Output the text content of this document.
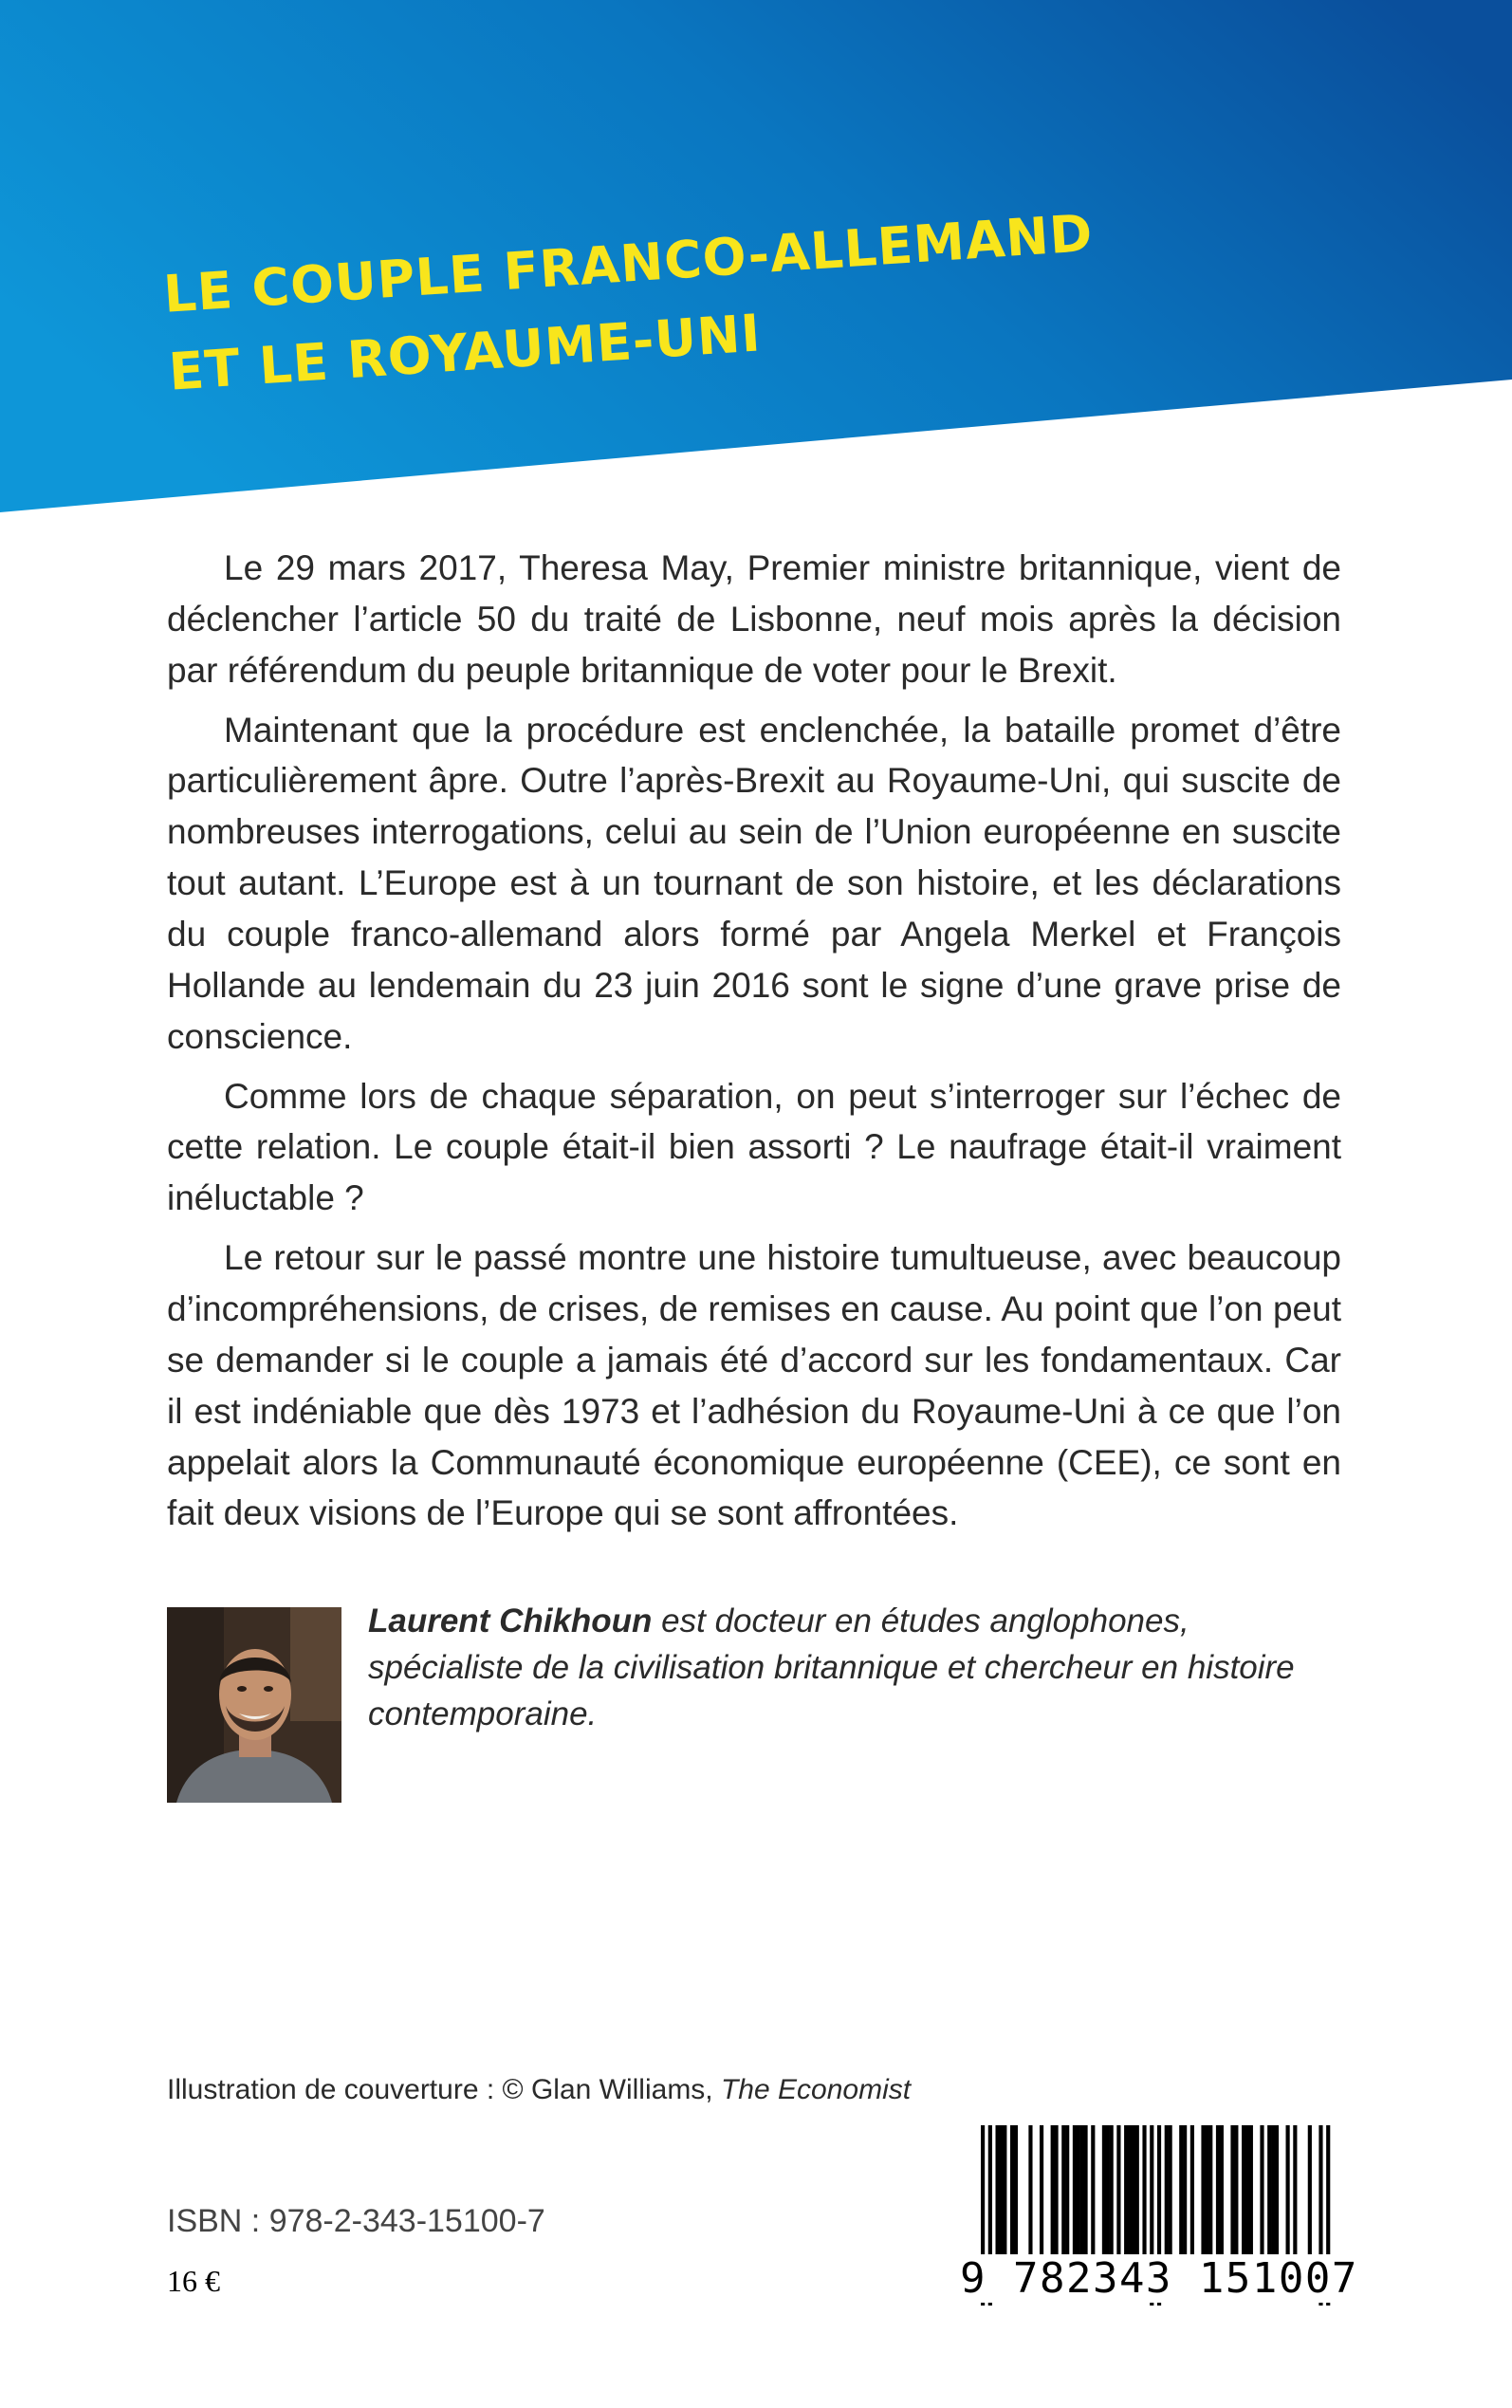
LE COUPLE FRANCO-ALLEMAND
ET LE ROYAUME-UNI

Le 29 mars 2017, Theresa May, Premier ministre britannique, vient de déclencher l’article 50 du traité de Lisbonne, neuf mois après la décision par référendum du peuple britannique de voter pour le Brexit.

Maintenant que la procédure est enclenchée, la bataille promet d’être particulièrement âpre. Outre l’après-Brexit au Royaume-Uni, qui suscite de nombreuses interrogations, celui au sein de l’Union européenne en suscite tout autant. L’Europe est à un tournant de son histoire, et les déclarations du couple franco-allemand alors formé par Angela Merkel et François Hollande au lendemain du 23 juin 2016 sont le signe d’une grave prise de conscience.

Comme lors de chaque séparation, on peut s’interroger sur l’échec de cette relation. Le couple était-il bien assorti ? Le naufrage était-il vraiment inéluctable ?

Le retour sur le passé montre une histoire tumultueuse, avec beaucoup d’incompréhensions, de crises, de remises en cause. Au point que l’on peut se demander si le couple a jamais été d’accord sur les fondamentaux. Car il est indéniable que dès 1973 et l’adhésion du Royaume-Uni à ce que l’on appelait alors la Communauté économique européenne (CEE), ce sont en fait deux visions de l’Europe qui se sont affrontées.

Laurent Chikhoun est docteur en études anglophones, spécialiste de la civilisation britannique et chercheur en histoire contemporaine.
Illustration de couverture : © Glan Williams, The Economist
ISBN : 978-2-343-15100-7
16 €	9 782343 151007
